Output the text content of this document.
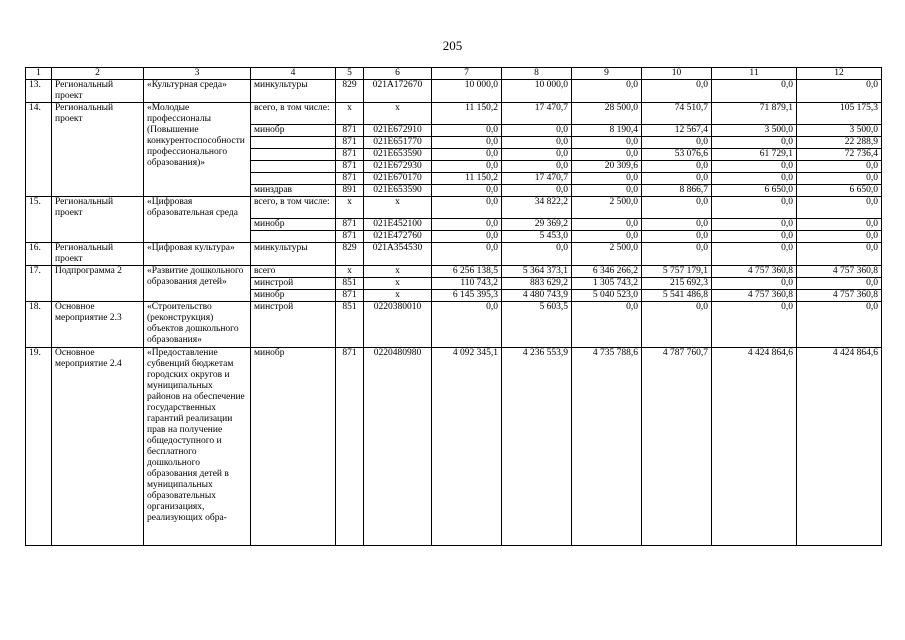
205
1	2	3	4	5	6	7	8	9	10	11	12
13.	Региональный проект	«Культурная среда»	минкультуры	829	021A172670	10 000,0	10 000,0	0,0	0,0	0,0	0,0
14.	Региональный проект	«Молодые профессионалы (Повышение конкурентоспособности профессионального образования)»	всего, в том числе:	x	x	11 150,2	17 470,7	28 500,0	74 510,7	71 879,1	105 175,3
			минобр	871	021E672910	0,0	0,0	8 190,4	12 567,4	3 500,0	3 500,0
				871	021E651770	0,0	0,0	0,0	0,0	0,0	22 288,9
				871	021E653590	0,0	0,0	0,0	53 076,6	61 729,1	72 736,4
				871	021E672930	0,0	0,0	20 309,6	0,0	0,0	0,0
				871	021E670170	11 150,2	17 470,7	0,0	0,0	0,0	0,0
			минздрав	891	021E653590	0,0	0,0	0,0	8 866,7	6 650,0	6 650,0
15.	Региональный проект	«Цифровая образовательная среда	всего, в том числе:	x	x	0,0	34 822,2	2 500,0	0,0	0,0	0,0
			минобр	871	021E452100	0,0	29 369,2	0,0	0,0	0,0	0,0
				871	021E472760	0,0	5 453,0	0,0	0,0	0,0	0,0
16.	Региональный проект	«Цифровая культура»	минкультуры	829	021A354530	0,0	0,0	2 500,0	0,0	0,0	0,0
17.	Подпрограмма 2	«Развитие дошкольного образования детей»	всего	x	x	6 256 138,5	5 364 373,1	6 346 266,2	5 757 179,1	4 757 360,8	4 757 360,8
			минстрой	851	x	110 743,2	883 629,2	1 305 743,2	215 692,3	0,0	0,0
			минобр	871	x	6 145 395,3	4 480 743,9	5 040 523,0	5 541 486,8	4 757 360,8	4 757 360,8
18.	Основное мероприятие 2.3	«Строительство (реконструкция) объектов дошкольного образования»	минстрой	851	0220380010	0,0	5 603,5	0,0	0,0	0,0	0,0
19.	Основное мероприятие 2.4	«Предоставление субвенций бюджетам городских округов и муниципальных районов на обеспечение государственных гарантий реализации прав на получение общедоступного и бесплатного дошкольного образования детей в муниципальных образовательных организациях, реализующих обра-	минобр	871	0220480980	4 092 345,1	4 236 553,9	4 735 788,6	4 787 760,7	4 424 864,6	4 424 864,6
